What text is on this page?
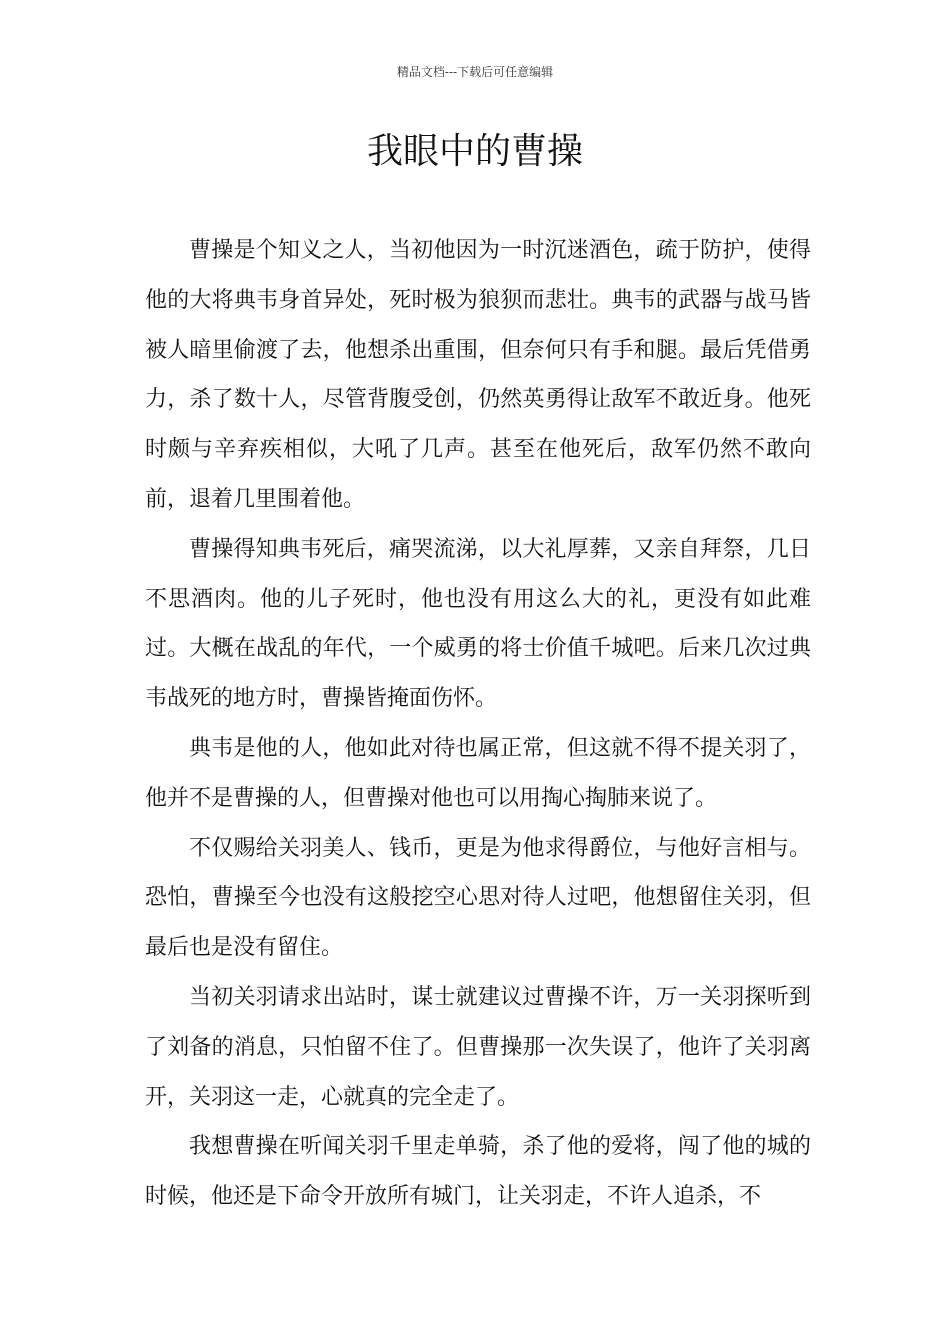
精品文档---下载后可任意编辑
我眼中的曹操

曹操是个知义之人，当初他因为一时沉迷酒色，疏于防护，使得他的大将典韦身首异处，死时极为狼狈而悲壮。典韦的武器与战马皆被人暗里偷渡了去，他想杀出重围，但奈何只有手和腿。最后凭借勇力，杀了数十人，尽管背腹受创，仍然英勇得让敌军不敢近身。他死时颇与辛弃疾相似，大吼了几声。甚至在他死后，敌军仍然不敢向前，退着几里围着他。

曹操得知典韦死后，痛哭流涕，以大礼厚葬，又亲自拜祭，几日不思酒肉。他的儿子死时，他也没有用这么大的礼，更没有如此难过。大概在战乱的年代，一个威勇的将士价值千城吧。后来几次过典韦战死的地方时，曹操皆掩面伤怀。

典韦是他的人，他如此对待也属正常，但这就不得不提关羽了，他并不是曹操的人，但曹操对他也可以用掏心掏肺来说了。

不仅赐给关羽美人、钱币，更是为他求得爵位，与他好言相与。恐怕，曹操至今也没有这般挖空心思对待人过吧，他想留住关羽，但最后也是没有留住。

当初关羽请求出站时，谋士就建议过曹操不许，万一关羽探听到了刘备的消息，只怕留不住了。但曹操那一次失误了，他许了关羽离开，关羽这一走，心就真的完全走了。

我想曹操在听闻关羽千里走单骑，杀了他的爱将，闯了他的城的时候，他还是下命令开放所有城门，让关羽走，不许人追杀，不
